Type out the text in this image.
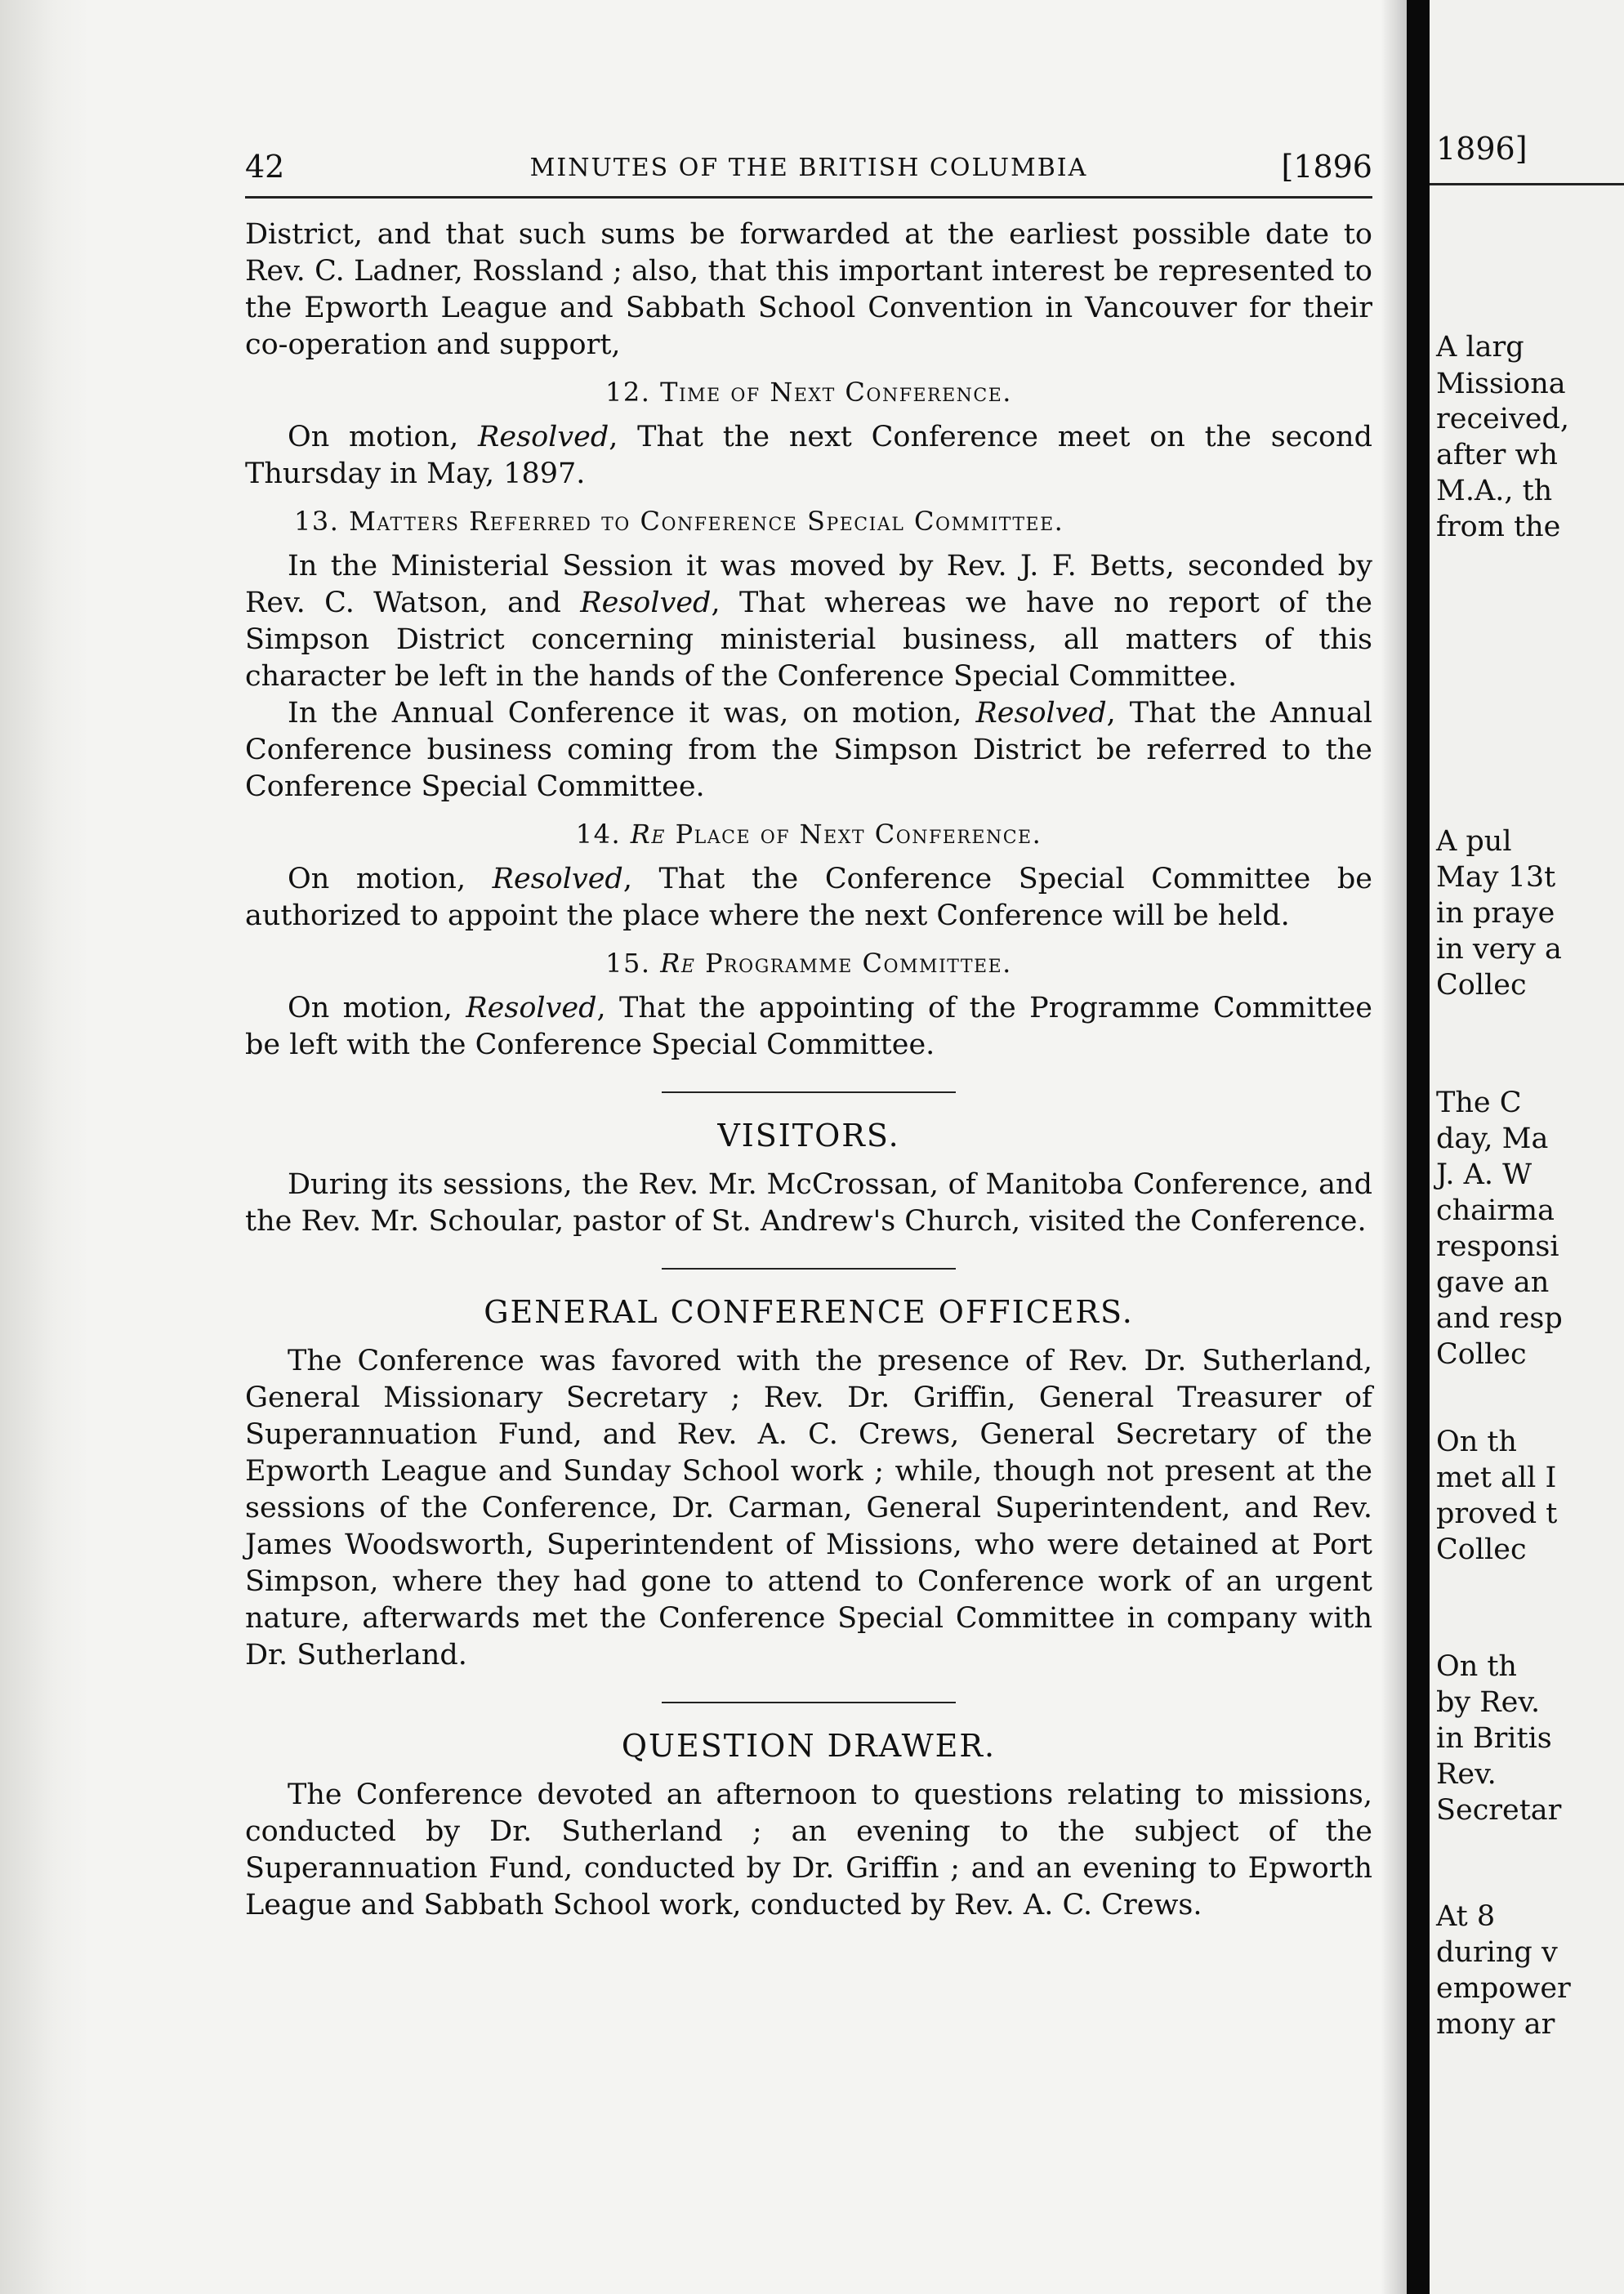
42	MINUTES OF THE BRITISH COLUMBIA	[1896

District, and that such sums be forwarded at the earliest possible date to Rev. C. Ladner, Rossland ; also, that this important interest be represented to the Epworth League and Sabbath School Convention in Vancouver for their co-operation and support,

12. Time of Next Conference.

On motion, Resolved, That the next Conference meet on the second Thursday in May, 1897.

13. Matters Referred to Conference Special Committee.

In the Ministerial Session it was moved by Rev. J. F. Betts, seconded by Rev. C. Watson, and Resolved, That whereas we have no report of the Simpson District concerning ministerial business, all matters of this character be left in the hands of the Conference Special Committee.

In the Annual Conference it was, on motion, Resolved, That the Annual Conference business coming from the Simpson District be referred to the Conference Special Committee.

14. Re Place of Next Conference.

On motion, Resolved, That the Conference Special Committee be authorized to appoint the place where the next Conference will be held.

15. Re Programme Committee.

On motion, Resolved, That the appointing of the Programme Committee be left with the Conference Special Committee.

VISITORS.

During its sessions, the Rev. Mr. McCrossan, of Manitoba Conference, and the Rev. Mr. Schoular, pastor of St. Andrew's Church, visited the Conference.

GENERAL CONFERENCE OFFICERS.

The Conference was favored with the presence of Rev. Dr. Sutherland, General Missionary Secretary ; Rev. Dr. Griffin, General Treasurer of Superannuation Fund, and Rev. A. C. Crews, General Secretary of the Epworth League and Sunday School work ; while, though not present at the sessions of the Conference, Dr. Carman, General Superintendent, and Rev. James Woodsworth, Superintendent of Missions, who were detained at Port Simpson, where they had gone to attend to Conference work of an urgent nature, afterwards met the Conference Special Committee in company with Dr. Sutherland.

QUESTION DRAWER.

The Conference devoted an afternoon to questions relating to missions, conducted by Dr. Sutherland ; an evening to the subject of the Superannuation Fund, conducted by Dr. Griffin ; and an evening to Epworth League and Sabbath School work, conducted by Rev. A. C. Crews.

1896]
A larg
Missiona
received,
after wh
M.A., th
from the
A pul
May 13t
in praye
in very a
Collec
The C
day, Ma
J. A. W
chairma
responsi
gave an
and resp
Collec
On th
met all I
proved t
Collec
On th
by Rev.
in Britis
Rev.
Secretar
At 8
during v
empower
mony ar
